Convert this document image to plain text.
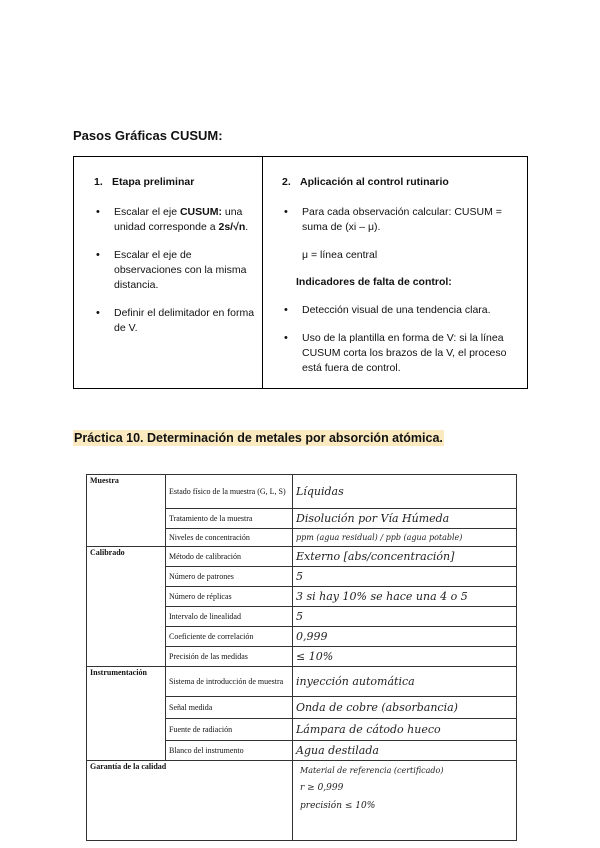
Pasos Gráficas CUSUM:
1. Etapa preliminar
• Escalar el eje CUSUM: una unidad corresponde a 2s/√n.
• Escalar el eje de observaciones con la misma distancia.
• Definir el delimitador en forma de V.
2. Aplicación al control rutinario
• Para cada observación calcular: CUSUM = suma de (xi – μ).
μ = línea central
Indicadores de falta de control:
• Detección visual de una tendencia clara.
• Uso de la plantilla en forma de V: si la línea CUSUM corta los brazos de la V, el proceso está fuera de control.
Práctica 10. Determinación de metales por absorción atómica.
Muestra	Estado físico de la muestra (G, L, S)	Líquidas
	Tratamiento de la muestra	Disolución por Vía Húmeda
	Niveles de concentración	ppm (agua residual) / ppb (agua potable)
Calibrado	Método de calibración	Externo [abs/concentración]
	Número de patrones	5
	Número de réplicas	3 si hay 10% se hace una 4 o 5
	Intervalo de linealidad	5
	Coeficiente de correlación	0,999
	Precisión de las medidas	≤ 10%
Instrumentación	Sistema de introducción de muestra	inyección automática
	Señal medida	Onda de cobre (absorbancia)
	Fuente de radiación	Lámpara de cátodo hueco
	Blanco del instrumento	Agua destilada
Garantía de la calidad		Material de referencia (certificado)
r ≥ 0,999
precisión ≤ 10%
